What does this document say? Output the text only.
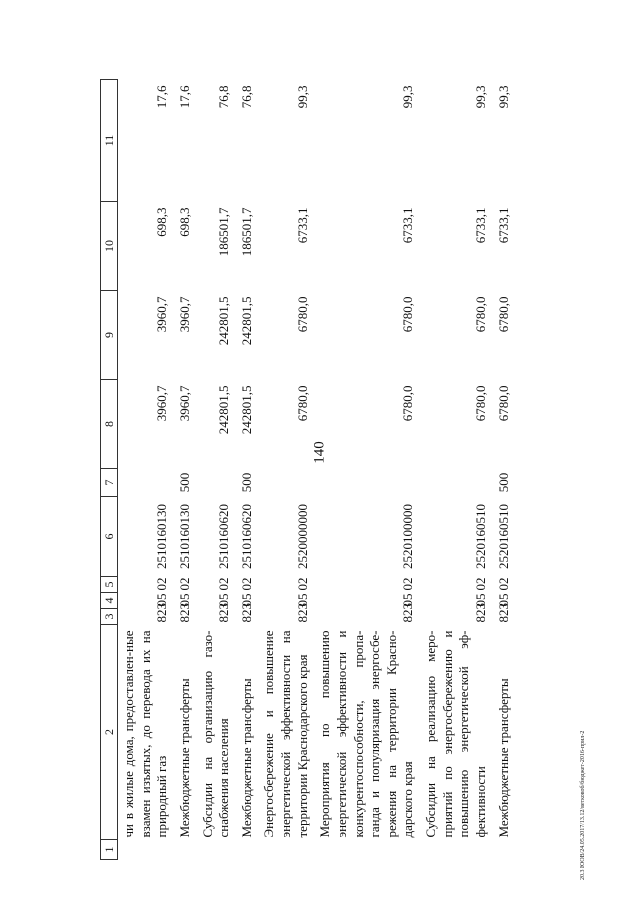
140
20.3 ЮОВ/24.05.2017/13.12/ветковоб/бюджет-2016-прил-2
1	2	3	4	5	6	7	8	9	10	11
	чи в жилые дома, предоставлен-ные взамен изъятых, до перевода их на природный газ	823	05	02	2510160130		3960,7	3960,7	698,3	17,6
	Межбюджетные трансферты	823	05	02	2510160130	500	3960,7	3960,7	698,3	17,6
	Субсидии на организацию газо-снабжения населения	823	05	02	2510160620		242801,5	242801,5	186501,7	76,8
	Межбюджетные трансферты	823	05	02	2510160620	500	242801,5	242801,5	186501,7	76,8
	Энергосбережение и повышение энергетической эффективности на территории Краснодарского края	823	05	02	2520000000		6780,0	6780,0	6733,1	99,3
	Мероприятия по повышению энергетической эффективности и конкурентоспособности, пропа-ганда и популяризация энергосбе-режения на территории Красно-дарского края	823	05	02	2520100000		6780,0	6780,0	6733,1	99,3
	Субсидии на реализацию меро-приятий по энергосбережению и повышению энергетической эф-фективности	823	05	02	2520160510		6780,0	6780,0	6733,1	99,3
	Межбюджетные трансферты	823	05	02	2520160510	500	6780,0	6780,0	6733,1	99,3
